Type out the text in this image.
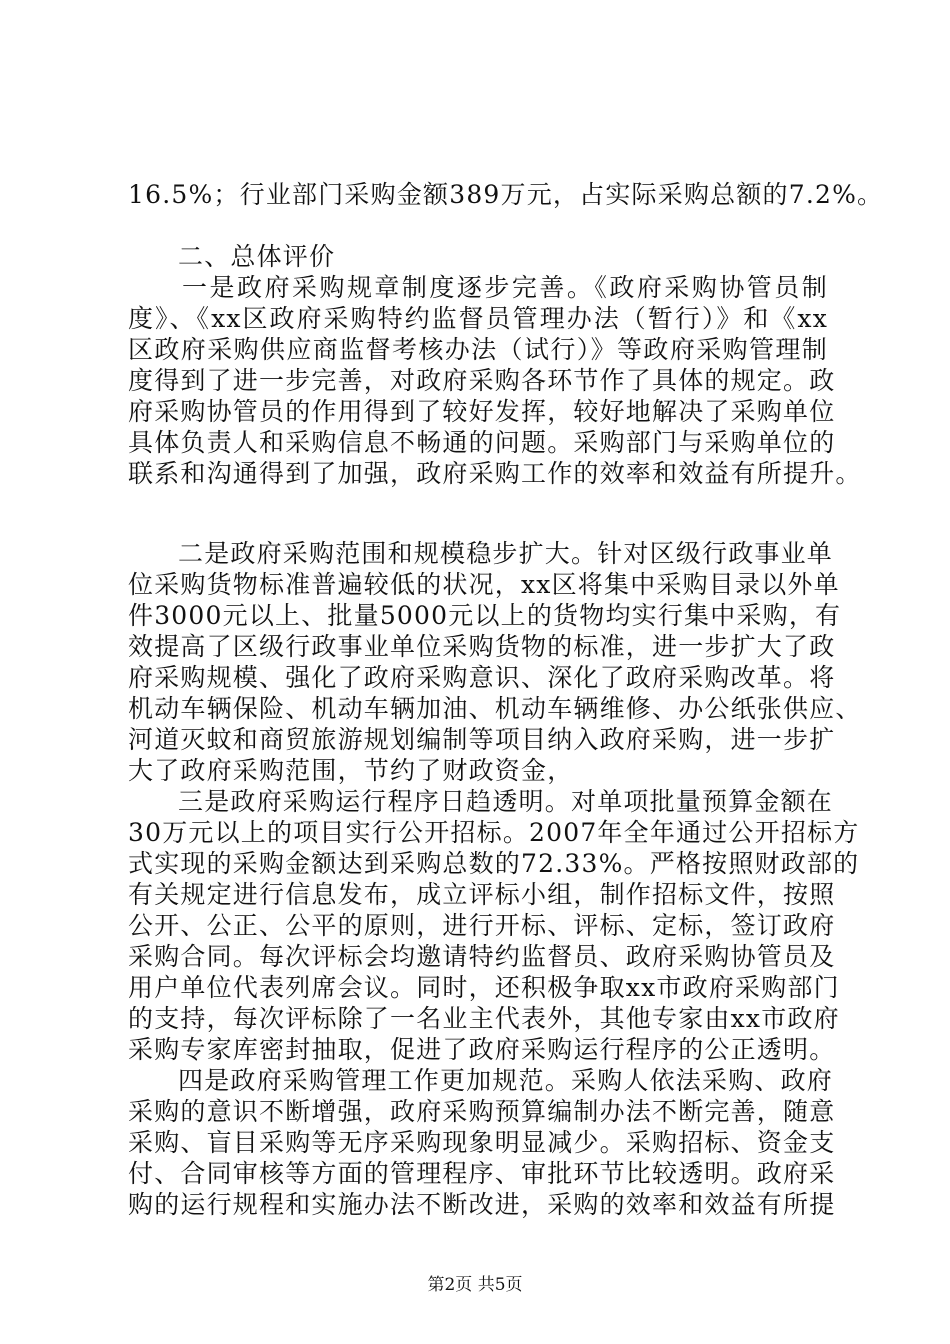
16.5%；行业部门采购金额389万元，占实际采购总额的7.2%。
二、总体评价
一是政府采购规章制度逐步完善。《政府采购协管员制
度》、《xx区政府采购特约监督员管理办法（暂行）》和《xx
区政府采购供应商监督考核办法（试行）》等政府采购管理制
度得到了进一步完善，对政府采购各环节作了具体的规定。政
府采购协管员的作用得到了较好发挥，较好地解决了采购单位
具体负责人和采购信息不畅通的问题。采购部门与采购单位的
联系和沟通得到了加强，政府采购工作的效率和效益有所提升。
二是政府采购范围和规模稳步扩大。针对区级行政事业单
位采购货物标准普遍较低的状况，xx区将集中采购目录以外单
件3000元以上、批量5000元以上的货物均实行集中采购，有
效提高了区级行政事业单位采购货物的标准，进一步扩大了政
府采购规模、强化了政府采购意识、深化了政府采购改革。将
机动车辆保险、机动车辆加油、机动车辆维修、办公纸张供应、
河道灭蚊和商贸旅游规划编制等项目纳入政府采购，进一步扩
大了政府采购范围，节约了财政资金，
三是政府采购运行程序日趋透明。对单项批量预算金额在
30万元以上的项目实行公开招标。2007年全年通过公开招标方
式实现的采购金额达到采购总数的72.33%。严格按照财政部的
有关规定进行信息发布，成立评标小组，制作招标文件，按照
公开、公正、公平的原则，进行开标、评标、定标，签订政府
采购合同。每次评标会均邀请特约监督员、政府采购协管员及
用户单位代表列席会议。同时，还积极争取xx市政府采购部门
的支持，每次评标除了一名业主代表外，其他专家由xx市政府
采购专家库密封抽取，促进了政府采购运行程序的公正透明。
四是政府采购管理工作更加规范。采购人依法采购、政府
采购的意识不断增强，政府采购预算编制办法不断完善，随意
采购、盲目采购等无序采购现象明显减少。采购招标、资金支
付、合同审核等方面的管理程序、审批环节比较透明。政府采
购的运行规程和实施办法不断改进，采购的效率和效益有所提
第2页 共5页
